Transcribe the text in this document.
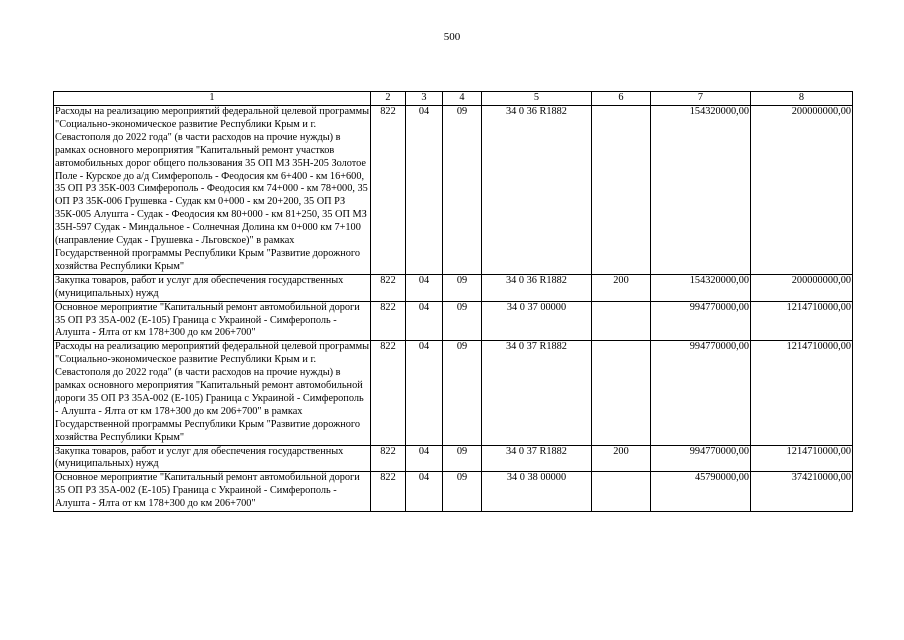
500
1	2	3	4	5	6	7	8
Расходы на реализацию мероприятий федеральной целевой программы "Социально-экономическое развитие Республики Крым и г. Севастополя до 2022 года" (в части расходов на прочие нужды) в рамках основного мероприятия "Капитальный ремонт участков автомобильных дорог общего пользования 35 ОП МЗ 35Н-205 Золотое Поле - Курское до а/д Симферополь - Феодосия км 6+400 - км 16+600, 35 ОП РЗ 35К-003 Симферополь - Феодосия км 74+000 - км 78+000, 35 ОП РЗ 35К-006 Грушевка - Судак км 0+000 - км 20+200, 35 ОП РЗ 35К-005 Алушта - Судак - Феодосия км 80+000 - км 81+250, 35 ОП МЗ 35Н-597 Судак - Миндальное - Солнечная Долина км 0+000 км 7+100 (направление Судак - Грушевка - Льговское)" в рамках Государственной программы Республики Крым "Развитие дорожного хозяйства Республики Крым"	822	04	09	34 0 36 R1882		154320000,00	200000000,00
Закупка товаров, работ и услуг для обеспечения государственных (муниципальных) нужд	822	04	09	34 0 36 R1882	200	154320000,00	200000000,00
Основное мероприятие "Капитальный ремонт автомобильной дороги 35 ОП РЗ 35А-002 (Е-105) Граница с Украиной - Симферополь - Алушта - Ялта от км 178+300 до км 206+700"	822	04	09	34 0 37 00000		994770000,00	1214710000,00
Расходы на реализацию мероприятий федеральной целевой программы "Социально-экономическое развитие Республики Крым и г. Севастополя до 2022 года" (в части расходов на прочие нужды) в рамках основного мероприятия "Капитальный ремонт автомобильной дороги 35 ОП РЗ 35А-002 (Е-105) Граница с Украиной - Симферополь - Алушта - Ялта от км 178+300 до км 206+700" в рамках Государственной программы Республики Крым "Развитие дорожного хозяйства Республики Крым"	822	04	09	34 0 37 R1882		994770000,00	1214710000,00
Закупка товаров, работ и услуг для обеспечения государственных (муниципальных) нужд	822	04	09	34 0 37 R1882	200	994770000,00	1214710000,00
Основное мероприятие "Капитальный ремонт автомобильной дороги 35 ОП РЗ 35А-002 (Е-105) Граница с Украиной - Симферополь - Алушта - Ялта от км 178+300 до км 206+700"	822	04	09	34 0 38 00000		45790000,00	374210000,00
